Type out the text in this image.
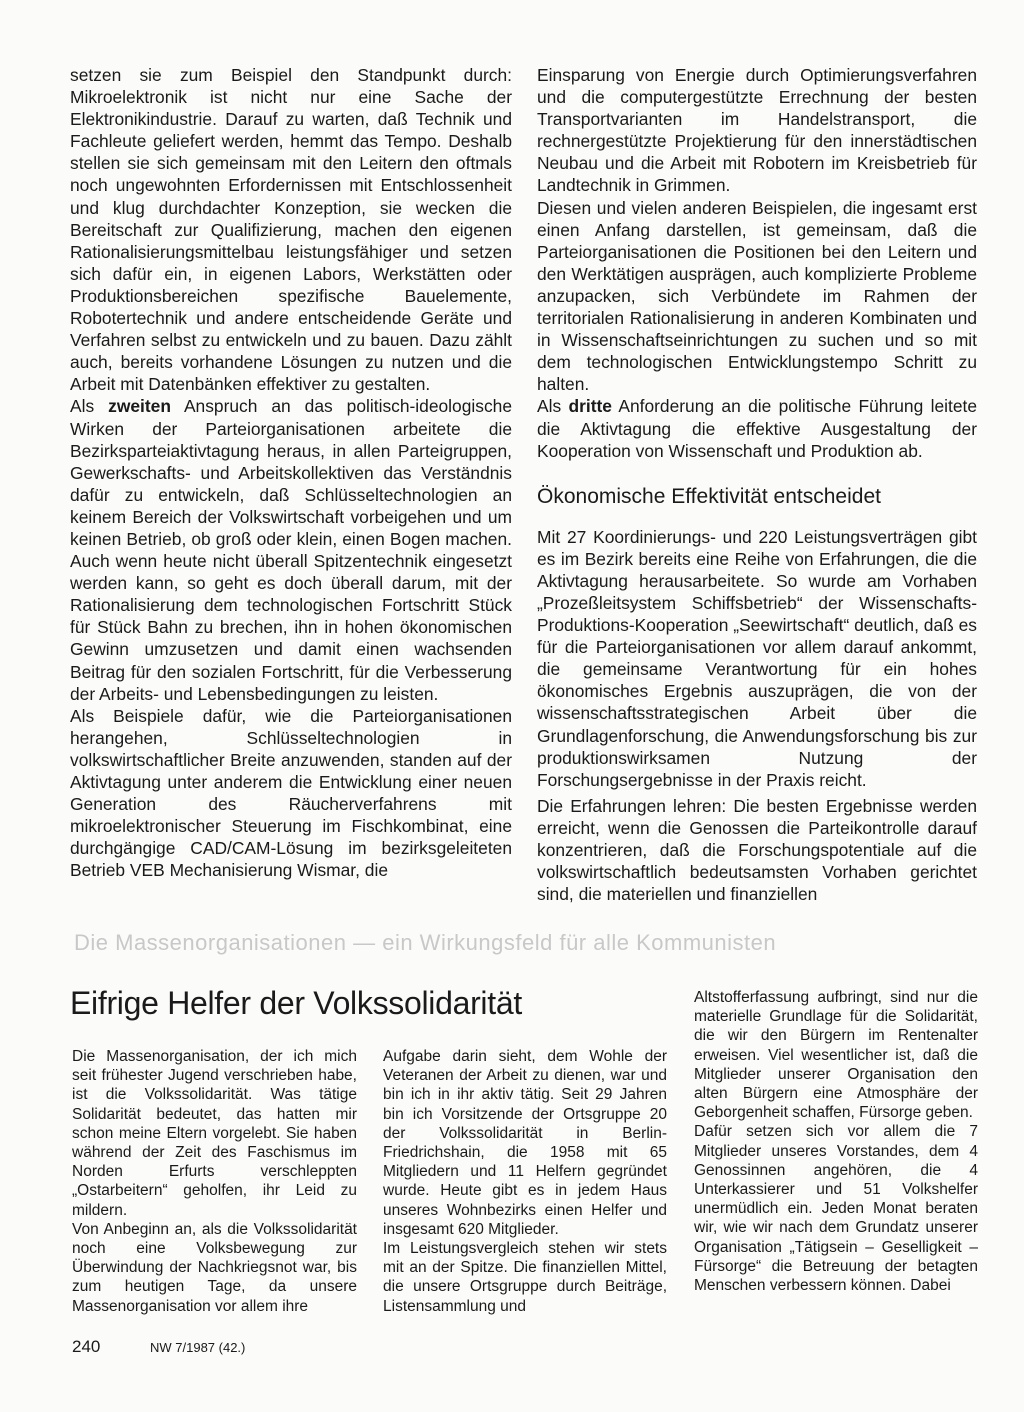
setzen sie zum Beispiel den Standpunkt durch: Mikroelektronik ist nicht nur eine Sache der Elektronikindustrie. Darauf zu warten, daß Technik und Fachleute geliefert werden, hemmt das Tempo. Deshalb stellen sie sich gemeinsam mit den Leitern den oftmals noch ungewohnten Erfordernissen mit Entschlossenheit und klug durchdachter Konzeption, sie wecken die Bereitschaft zur Qualifizierung, machen den eigenen Rationalisierungsmittelbau leistungsfähiger und setzen sich dafür ein, in eigenen Labors, Werkstätten oder Produktionsbereichen spezifische Bauelemente, Robotertechnik und andere entscheidende Geräte und Verfahren selbst zu entwickeln und zu bauen. Dazu zählt auch, bereits vorhandene Lösungen zu nutzen und die Arbeit mit Datenbänken effektiver zu gestalten.

Als zweiten Anspruch an das politisch-ideologische Wirken der Parteiorganisationen arbeitete die Bezirksparteiaktivtagung heraus, in allen Parteigruppen, Gewerkschafts- und Arbeitskollektiven das Verständnis dafür zu entwickeln, daß Schlüsseltechnologien an keinem Bereich der Volkswirtschaft vorbeigehen und um keinen Betrieb, ob groß oder klein, einen Bogen machen. Auch wenn heute nicht überall Spitzentechnik eingesetzt werden kann, so geht es doch überall darum, mit der Rationalisierung dem technologischen Fortschritt Stück für Stück Bahn zu brechen, ihn in hohen ökonomischen Gewinn umzusetzen und damit einen wachsenden Beitrag für den sozialen Fortschritt, für die Verbesserung der Arbeits- und Lebensbedingungen zu leisten.

Als Beispiele dafür, wie die Parteiorganisationen herangehen, Schlüsseltechnologien in volkswirtschaftlicher Breite anzuwenden, standen auf der Aktivtagung unter anderem die Entwicklung einer neuen Generation des Räucherverfahrens mit mikroelektronischer Steuerung im Fischkombinat, eine durchgängige CAD/CAM-Lösung im bezirksgeleiteten Betrieb VEB Mechanisierung Wismar, die

Einsparung von Energie durch Optimierungsverfahren und die computergestützte Errechnung der besten Transportvarianten im Handelstransport, die rechnergestützte Projektierung für den innerstädtischen Neubau und die Arbeit mit Robotern im Kreisbetrieb für Landtechnik in Grimmen.

Diesen und vielen anderen Beispielen, die ingesamt erst einen Anfang darstellen, ist gemeinsam, daß die Parteiorganisationen die Positionen bei den Leitern und den Werktätigen ausprägen, auch komplizierte Probleme anzupacken, sich Verbündete im Rahmen der territorialen Rationalisierung in anderen Kombinaten und in Wissenschaftseinrichtungen zu suchen und so mit dem technologischen Entwicklungstempo Schritt zu halten.

Als dritte Anforderung an die politische Führung leitete die Aktivtagung die effektive Ausgestaltung der Kooperation von Wissenschaft und Produktion ab.

Ökonomische Effektivität entscheidet

Mit 27 Koordinierungs- und 220 Leistungsverträgen gibt es im Bezirk bereits eine Reihe von Erfahrungen, die die Aktivtagung herausarbeitete. So wurde am Vorhaben „Prozeßleitsystem Schiffsbetrieb“ der Wissenschafts-Produktions-Kooperation „Seewirtschaft“ deutlich, daß es für die Parteiorganisationen vor allem darauf ankommt, die gemeinsame Verantwortung für ein hohes ökonomisches Ergebnis auszuprägen, die von der wissenschaftsstrategischen Arbeit über die Grundlagenforschung, die Anwendungsforschung bis zur produktionswirksamen Nutzung der Forschungsergebnisse in der Praxis reicht.

Die Erfahrungen lehren: Die besten Ergebnisse werden erreicht, wenn die Genossen die Parteikontrolle darauf konzentrieren, daß die Forschungspotentiale auf die volkswirtschaftlich bedeutsamsten Vorhaben gerichtet sind, die materiellen und finanziellen

Die Massenorganisationen — ein Wirkungsfeld für alle Kommunisten
Eifrige Helfer der Volkssolidarität

Die Massenorganisation, der ich mich seit frühester Jugend verschrieben habe, ist die Volkssolidarität. Was tätige Solidarität bedeutet, das hatten mir schon meine Eltern vorgelebt. Sie haben während der Zeit des Faschismus im Norden Erfurts verschleppten „Ostarbeitern“ geholfen, ihr Leid zu mildern.

Von Anbeginn an, als die Volkssolidarität noch eine Volksbewegung zur Überwindung der Nachkriegsnot war, bis zum heutigen Tage, da unsere Massenorganisation vor allem ihre

Aufgabe darin sieht, dem Wohle der Veteranen der Arbeit zu dienen, war und bin ich in ihr aktiv tätig. Seit 29 Jahren bin ich Vorsitzende der Ortsgruppe 20 der Volkssolidarität in Berlin-Friedrichshain, die 1958 mit 65 Mitgliedern und 11 Helfern gegründet wurde. Heute gibt es in jedem Haus unseres Wohnbezirks einen Helfer und insgesamt 620 Mitglieder.

Im Leistungsvergleich stehen wir stets mit an der Spitze. Die finanziellen Mittel, die unsere Ortsgruppe durch Beiträge, Listensammlung und

Altstofferfassung aufbringt, sind nur die materielle Grundlage für die Solidarität, die wir den Bürgern im Rentenalter erweisen. Viel wesentlicher ist, daß die Mitglieder unserer Organisation den alten Bürgern eine Atmosphäre der Geborgenheit schaffen, Fürsorge geben.

Dafür setzen sich vor allem die 7 Mitglieder unseres Vorstandes, dem 4 Genossinnen angehören, die 4 Unterkassierer und 51 Volkshelfer unermüdlich ein. Jeden Monat beraten wir, wie wir nach dem Grundatz unserer Organisation „Tätigsein – Geselligkeit – Fürsorge“ die Betreuung der betagten Menschen verbessern können. Dabei

240	NW 7/1987 (42.)
